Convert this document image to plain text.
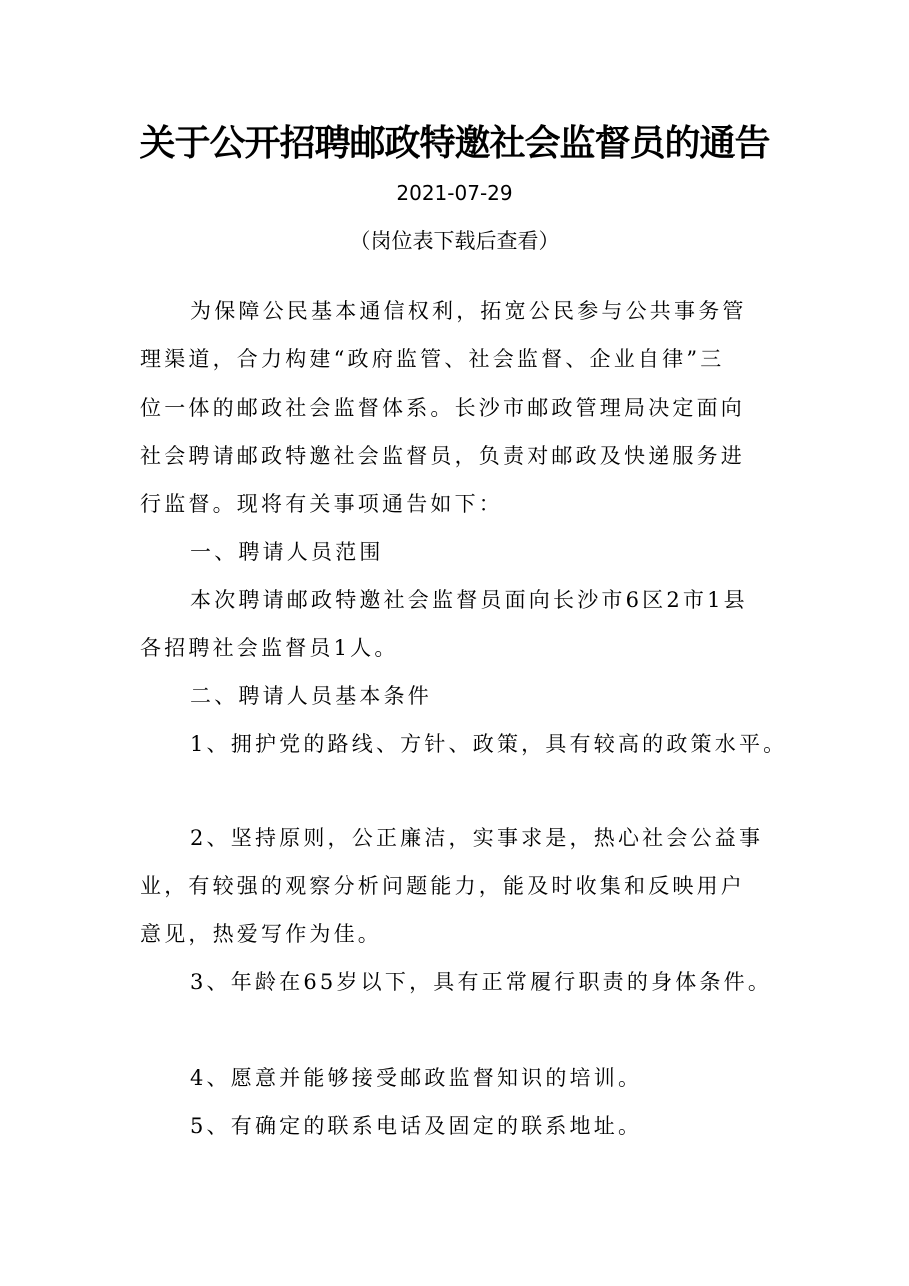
关于公开招聘邮政特邀社会监督员的通告
2021-07-29
（岗位表下载后查看）
为保障公民基本通信权利，拓宽公民参与公共事务管
理渠道，合力构建“政府监管、社会监督、企业自律”三
位一体的邮政社会监督体系。长沙市邮政管理局决定面向
社会聘请邮政特邀社会监督员，负责对邮政及快递服务进
行监督。现将有关事项通告如下：
一、聘请人员范围
本次聘请邮政特邀社会监督员面向长沙市6区2市1县
各招聘社会监督员1人。
二、聘请人员基本条件
1、拥护党的路线、方针、政策，具有较高的政策水平。
2、坚持原则，公正廉洁，实事求是，热心社会公益事
业，有较强的观察分析问题能力，能及时收集和反映用户
意见，热爱写作为佳。
3、年龄在65岁以下，具有正常履行职责的身体条件。
4、愿意并能够接受邮政监督知识的培训。
5、有确定的联系电话及固定的联系地址。
